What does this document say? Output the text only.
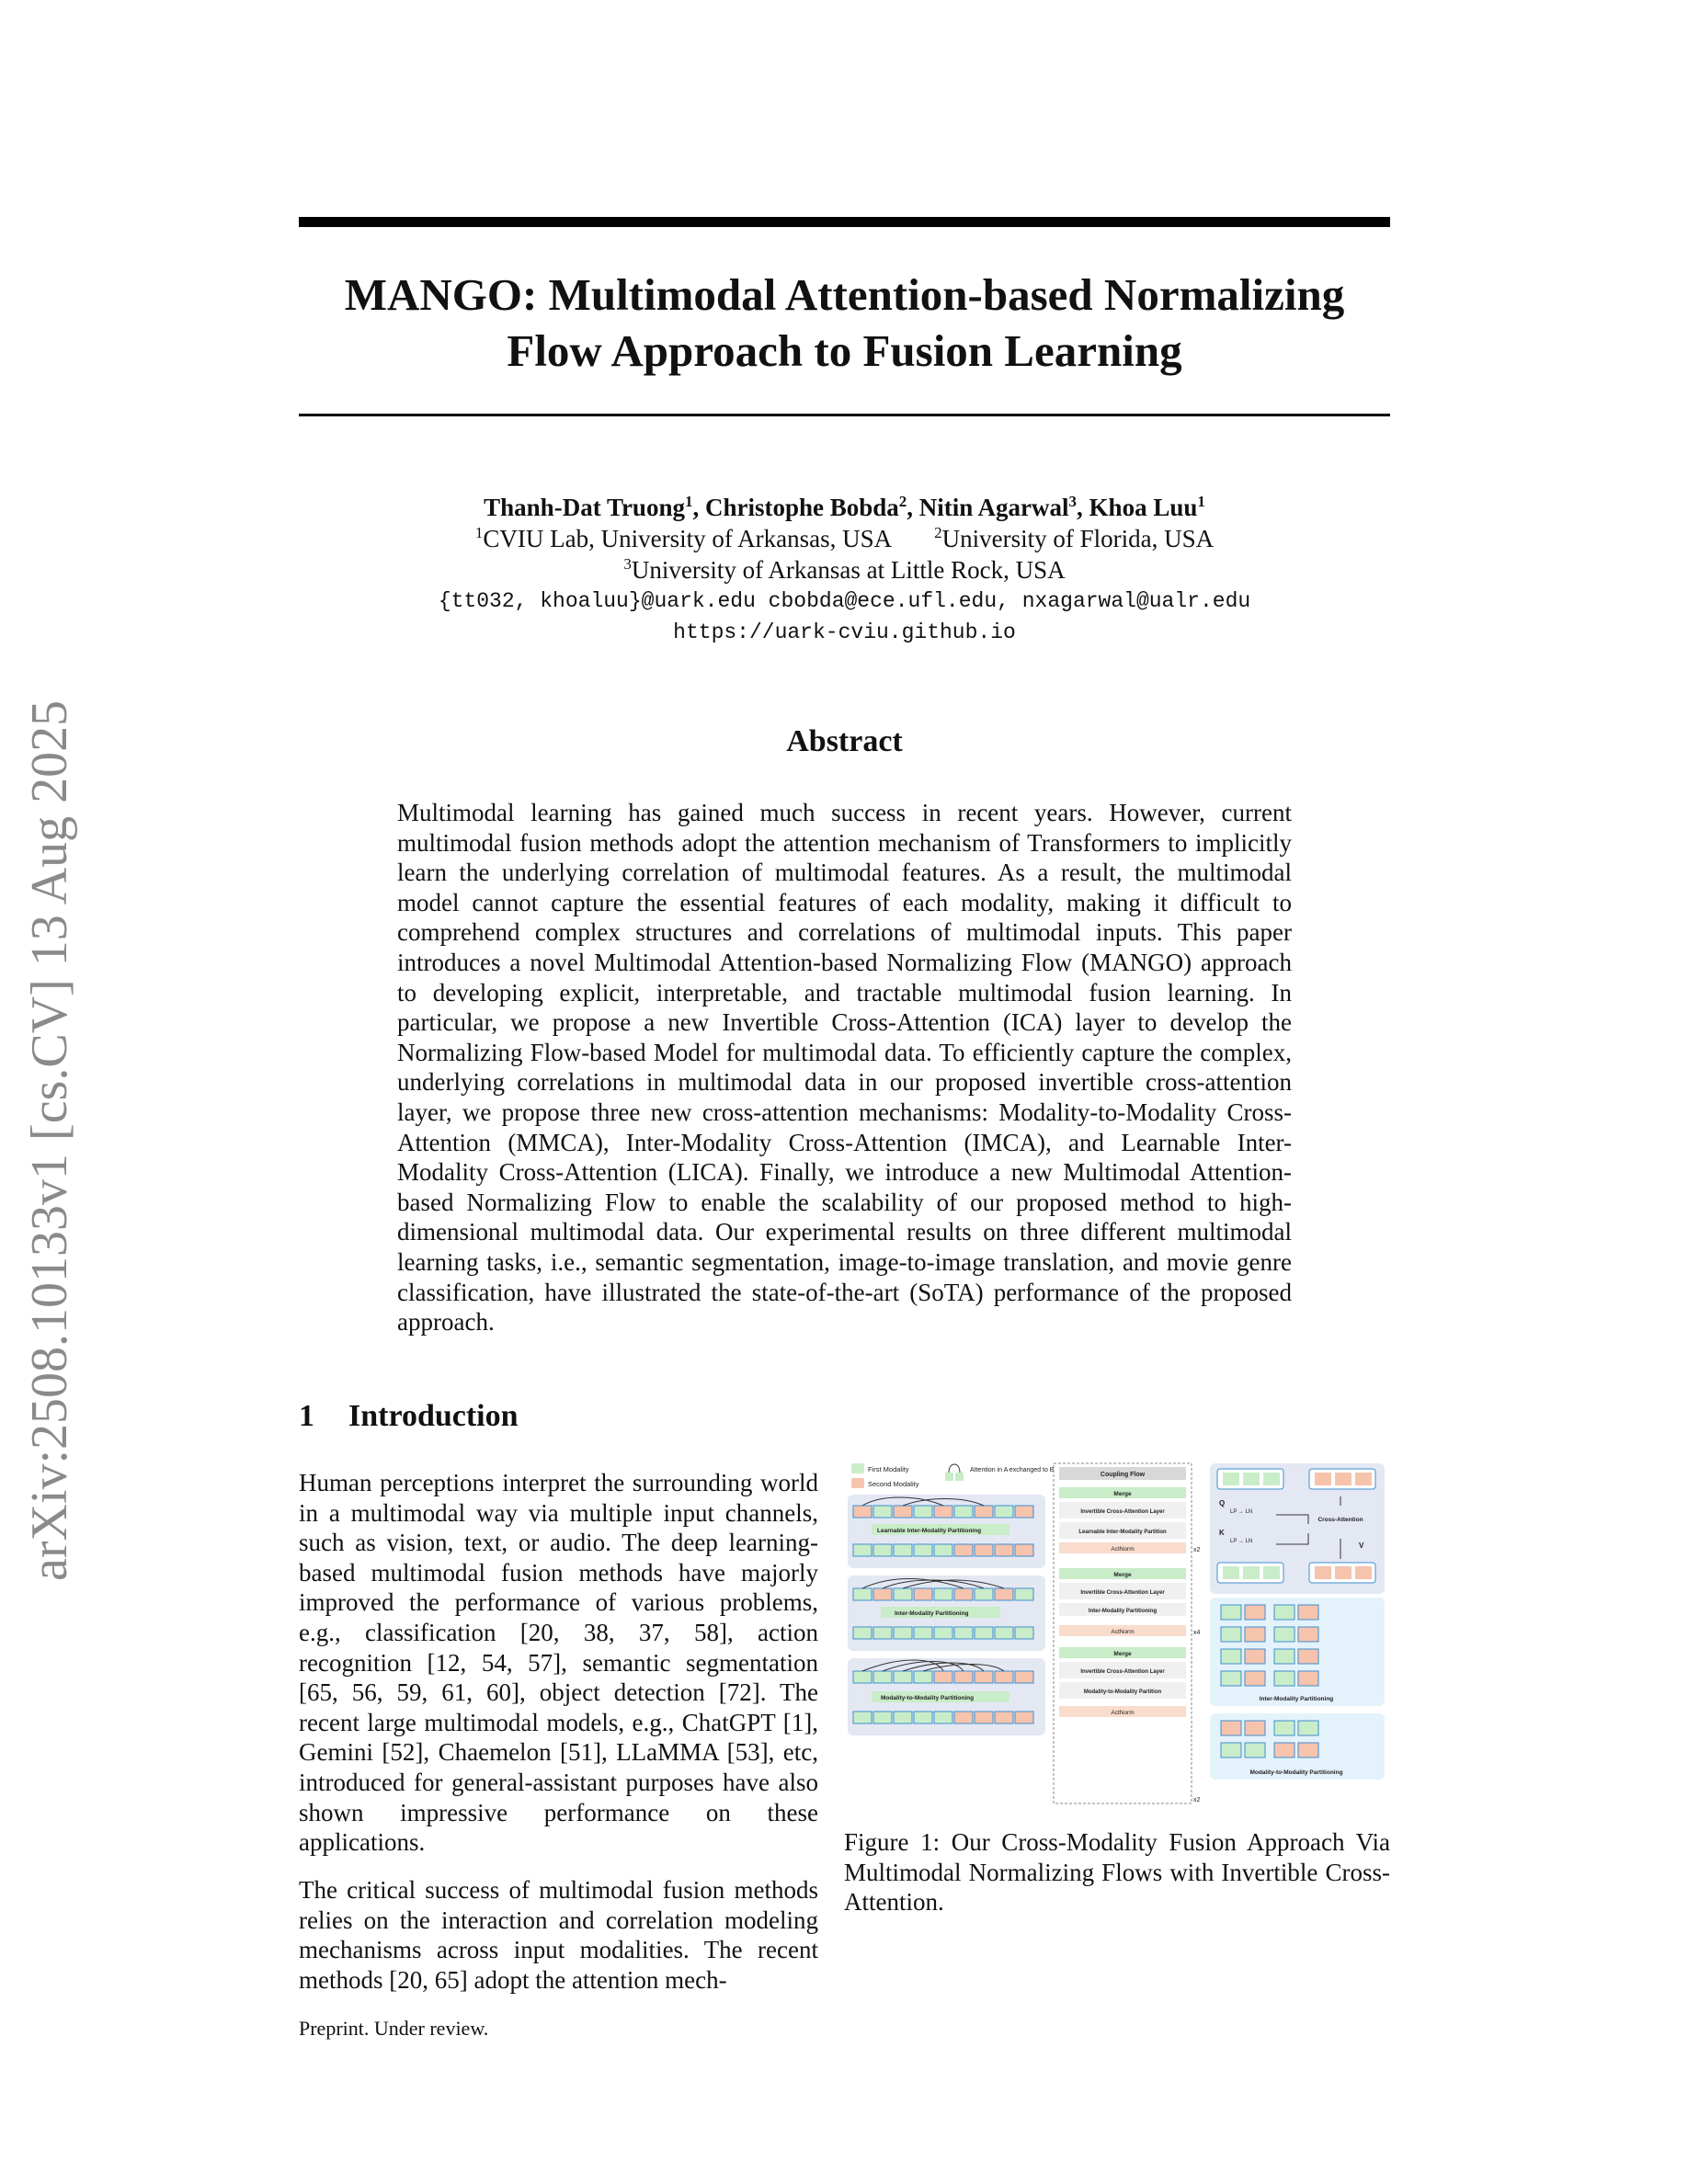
arXiv:2508.10133v1 [cs.CV] 13 Aug 2025
MANGO: Multimodal Attention-based Normalizing
Flow Approach to Fusion Learning
Thanh-Dat Truong$^1$, Christophe Bobda$^2$, Nitin Agarwal$^3$, Khoa Luu$^1$
$^1$CVIU Lab, University of Arkansas, USA	$^2$University of Florida, USA
$^3$University of Arkansas at Little Rock, USA
{tt032, khoaluu}@uark.edu cbobda@ece.ufl.edu, nxagarwal@ualr.edu
https://uark-cviu.github.io
Abstract
Multimodal learning has gained much success in recent years. However, current multimodal fusion methods adopt the attention mechanism of Transformers to implicitly learn the underlying correlation of multimodal features. As a result, the multimodal model cannot capture the essential features of each modality, making it difficult to comprehend complex structures and correlations of multimodal inputs. This paper introduces a novel Multimodal Attention-based Normalizing Flow (MANGO) approach to developing explicit, interpretable, and tractable multimodal fusion learning. In particular, we propose a new Invertible Cross-Attention (ICA) layer to develop the Normalizing Flow-based Model for multimodal data. To efficiently capture the complex, underlying correlations in multimodal data in our proposed invertible cross-attention layer, we propose three new cross-attention mechanisms: Modality-to-Modality Cross-Attention (MMCA), Inter-Modality Cross-Attention (IMCA), and Learnable Inter-Modality Cross-Attention (LICA). Finally, we introduce a new Multimodal Attention-based Normalizing Flow to enable the scalability of our proposed method to high-dimensional multimodal data. Our experimental results on three different multimodal learning tasks, i.e., semantic segmentation, image-to-image translation, and movie genre classification, have illustrated the state-of-the-art (SoTA) performance of the proposed approach.
1 Introduction
Human perceptions interpret the surrounding world in a multimodal way via multiple input channels, such as vision, text, or audio. The deep learning-based multimodal fusion methods have majorly improved the performance of various problems, e.g., classification [20, 38, 37, 58], action recognition [12, 54, 57], semantic segmentation [65, 56, 59, 61, 60], object detection [72]. The recent large multimodal models, e.g., ChatGPT [1], Gemini [52], Chaemelon [51], LLaMMA [53], etc, introduced for general-assistant purposes have also shown impressive performance on these applications.
The critical success of multimodal fusion methods relies on the interaction and correlation modeling mechanisms across input modalities. The recent methods [20, 65] adopt the attention mech-
First Modality
Second Modality
Attention in A exchanged to B
Learnable Inter-Modality Partitioning
Inter-Modality Partitioning
Modality-to-Modality Partitioning
Coupling Flow
Merge
Invertible Cross-Attention Layer
Learnable Inter-Modality Partition
ActNorm	x2
Merge
Invertible Cross-Attention Layer
Inter-Modality Partitioning
ActNorm	x4
Merge
Invertible Cross-Attention Layer
Modality-to-Modality Partition
ActNorm
x2
Q
LP → LN
K
LP → LN
Cross-Attention
V
Inter-Modality Partitioning
Modality-to-Modality Partitioning
Figure 1: Our Cross-Modality Fusion Approach Via Multimodal Normalizing Flows with Invertible Cross-Attention.
Preprint. Under review.
